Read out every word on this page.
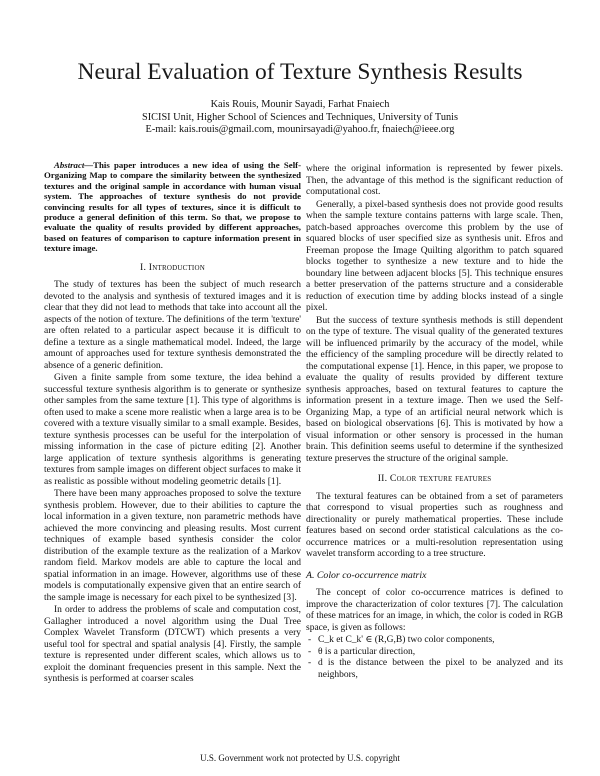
Neural Evaluation of Texture Synthesis Results
Kais Rouis, Mounir Sayadi, Farhat Fnaiech
SICISI Unit, Higher School of Sciences and Techniques, University of Tunis
E-mail: kais.rouis@gmail.com, mounirsayadi@yahoo.fr, fnaiech@ieee.org

Abstract—This paper introduces a new idea of using the Self-Organizing Map to compare the similarity between the synthesized textures and the original sample in accordance with human visual system. The approaches of texture synthesis do not provide convincing results for all types of textures, since it is difficult to produce a general definition of this term. So that, we propose to evaluate the quality of results provided by different approaches, based on features of comparison to capture information present in texture image.

I. Introduction

The study of textures has been the subject of much research devoted to the analysis and synthesis of textured images and it is clear that they did not lead to methods that take into account all the aspects of the notion of texture. The definitions of the term 'texture' are often related to a particular aspect because it is difficult to define a texture as a single mathematical model. Indeed, the large amount of approaches used for texture synthesis demonstrated the absence of a generic definition.

Given a finite sample from some texture, the idea behind a successful texture synthesis algorithm is to generate or synthesize other samples from the same texture [1]. This type of algorithms is often used to make a scene more realistic when a large area is to be covered with a texture visually similar to a small example. Besides, texture synthesis processes can be useful for the interpolation of missing information in the case of picture editing [2]. Another large application of texture synthesis algorithms is generating textures from sample images on different object surfaces to make it as realistic as possible without modeling geometric details [1].

There have been many approaches proposed to solve the texture synthesis problem. However, due to their abilities to capture the local information in a given texture, non parametric methods have achieved the more convincing and pleasing results. Most current techniques of example based synthesis consider the color distribution of the example texture as the realization of a Markov random field. Markov models are able to capture the local and spatial information in an image. However, algorithms use of these models is computationally expensive given that an entire search of the sample image is necessary for each pixel to be synthesized [3].

In order to address the problems of scale and computation cost, Gallagher introduced a novel algorithm using the Dual Tree Complex Wavelet Transform (DTCWT) which presents a very useful tool for spectral and spatial analysis [4]. Firstly, the sample texture is represented under different scales, which allows us to exploit the dominant frequencies present in this sample. Next the synthesis is performed at coarser scales

where the original information is represented by fewer pixels. Then, the advantage of this method is the significant reduction of computational cost.

Generally, a pixel-based synthesis does not provide good results when the sample texture contains patterns with large scale. Then, patch-based approaches overcome this problem by the use of squared blocks of user specified size as synthesis unit. Efros and Freeman propose the Image Quilting algorithm to patch squared blocks together to synthesize a new texture and to hide the boundary line between adjacent blocks [5]. This technique ensures a better preservation of the patterns structure and a considerable reduction of execution time by adding blocks instead of a single pixel.

But the success of texture synthesis methods is still dependent on the type of texture. The visual quality of the generated textures will be influenced primarily by the accuracy of the model, while the efficiency of the sampling procedure will be directly related to the computational expense [1]. Hence, in this paper, we propose to evaluate the quality of results provided by different texture synthesis approaches, based on textural features to capture the information present in a texture image. Then we used the Self-Organizing Map, a type of an artificial neural network which is based on biological observations [6]. This is motivated by how a visual information or other sensory is processed in the human brain. This definition seems useful to determine if the synthesized texture preserves the structure of the original sample.

II. Color texture features

The textural features can be obtained from a set of parameters that correspond to visual properties such as roughness and directionality or purely mathematical properties. These include features based on second order statistical calculations as the co-occurrence matrices or a multi-resolution representation using wavelet transform according to a tree structure.

A. Color co-occurrence matrix

The concept of color co-occurrence matrices is defined to improve the characterization of color textures [7]. The calculation of these matrices for an image, in which, the color is coded in RGB space, is given as follows:

- C_k et C_k' ∈ (R,G,B) two color components,
- θ is a particular direction,
- d is the distance between the pixel to be analyzed and its neighbors,
U.S. Government work not protected by U.S. copyright
